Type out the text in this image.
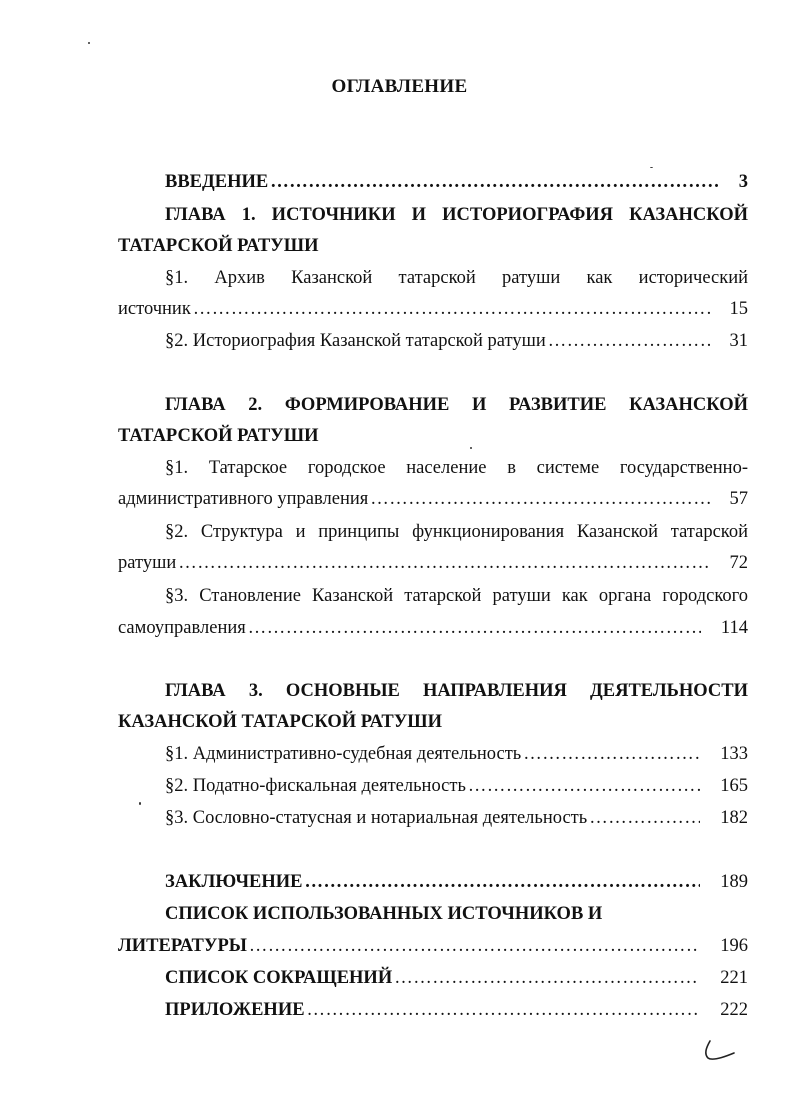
ОГЛАВЛЕНИЕ
ВВЕДЕНИЕ ……………………………………………………………………………………………………………………………………………………	3
ГЛАВА 1. ИСТОЧНИКИ И ИСТОРИОГРАФИЯ КАЗАНСКОЙ
ТАТАРСКОЙ РАТУШИ
§1. Архив Казанской татарской ратуши как исторический
источник ……………………………………………………………………………………………………………………………………………………	15
§2. Историография Казанской татарской ратуши ……………………………………………………………………………………………………………………………………………………	31
ГЛАВА 2. ФОРМИРОВАНИЕ И РАЗВИТИЕ КАЗАНСКОЙ
ТАТАРСКОЙ РАТУШИ
§1. Татарское городское население в системе государственно-
административного управления ……………………………………………………………………………………………………………………………………………………	57
§2. Структура и принципы функционирования Казанской татарской
ратуши ……………………………………………………………………………………………………………………………………………………	72
§3. Становление Казанской татарской ратуши как органа городского
самоуправления ……………………………………………………………………………………………………………………………………………………	114
ГЛАВА 3. ОСНОВНЫЕ НАПРАВЛЕНИЯ ДЕЯТЕЛЬНОСТИ
КАЗАНСКОЙ ТАТАРСКОЙ РАТУШИ
§1. Административно-судебная деятельность ……………………………………………………………………………………………………………………………………………………	133
§2. Податно-фискальная деятельность ……………………………………………………………………………………………………………………………………………………	165
§3. Сословно-статусная и нотариальная деятельность ……………………………………………………………………………………………………………………………………………………	182
ЗАКЛЮЧЕНИЕ ……………………………………………………………………………………………………………………………………………………	189
СПИСОК ИСПОЛЬЗОВАННЫХ ИСТОЧНИКОВ И
ЛИТЕРАТУРЫ ……………………………………………………………………………………………………………………………………………………	196
СПИСОК СОКРАЩЕНИЙ ……………………………………………………………………………………………………………………………………………………	221
ПРИЛОЖЕНИЕ ……………………………………………………………………………………………………………………………………………………	222
